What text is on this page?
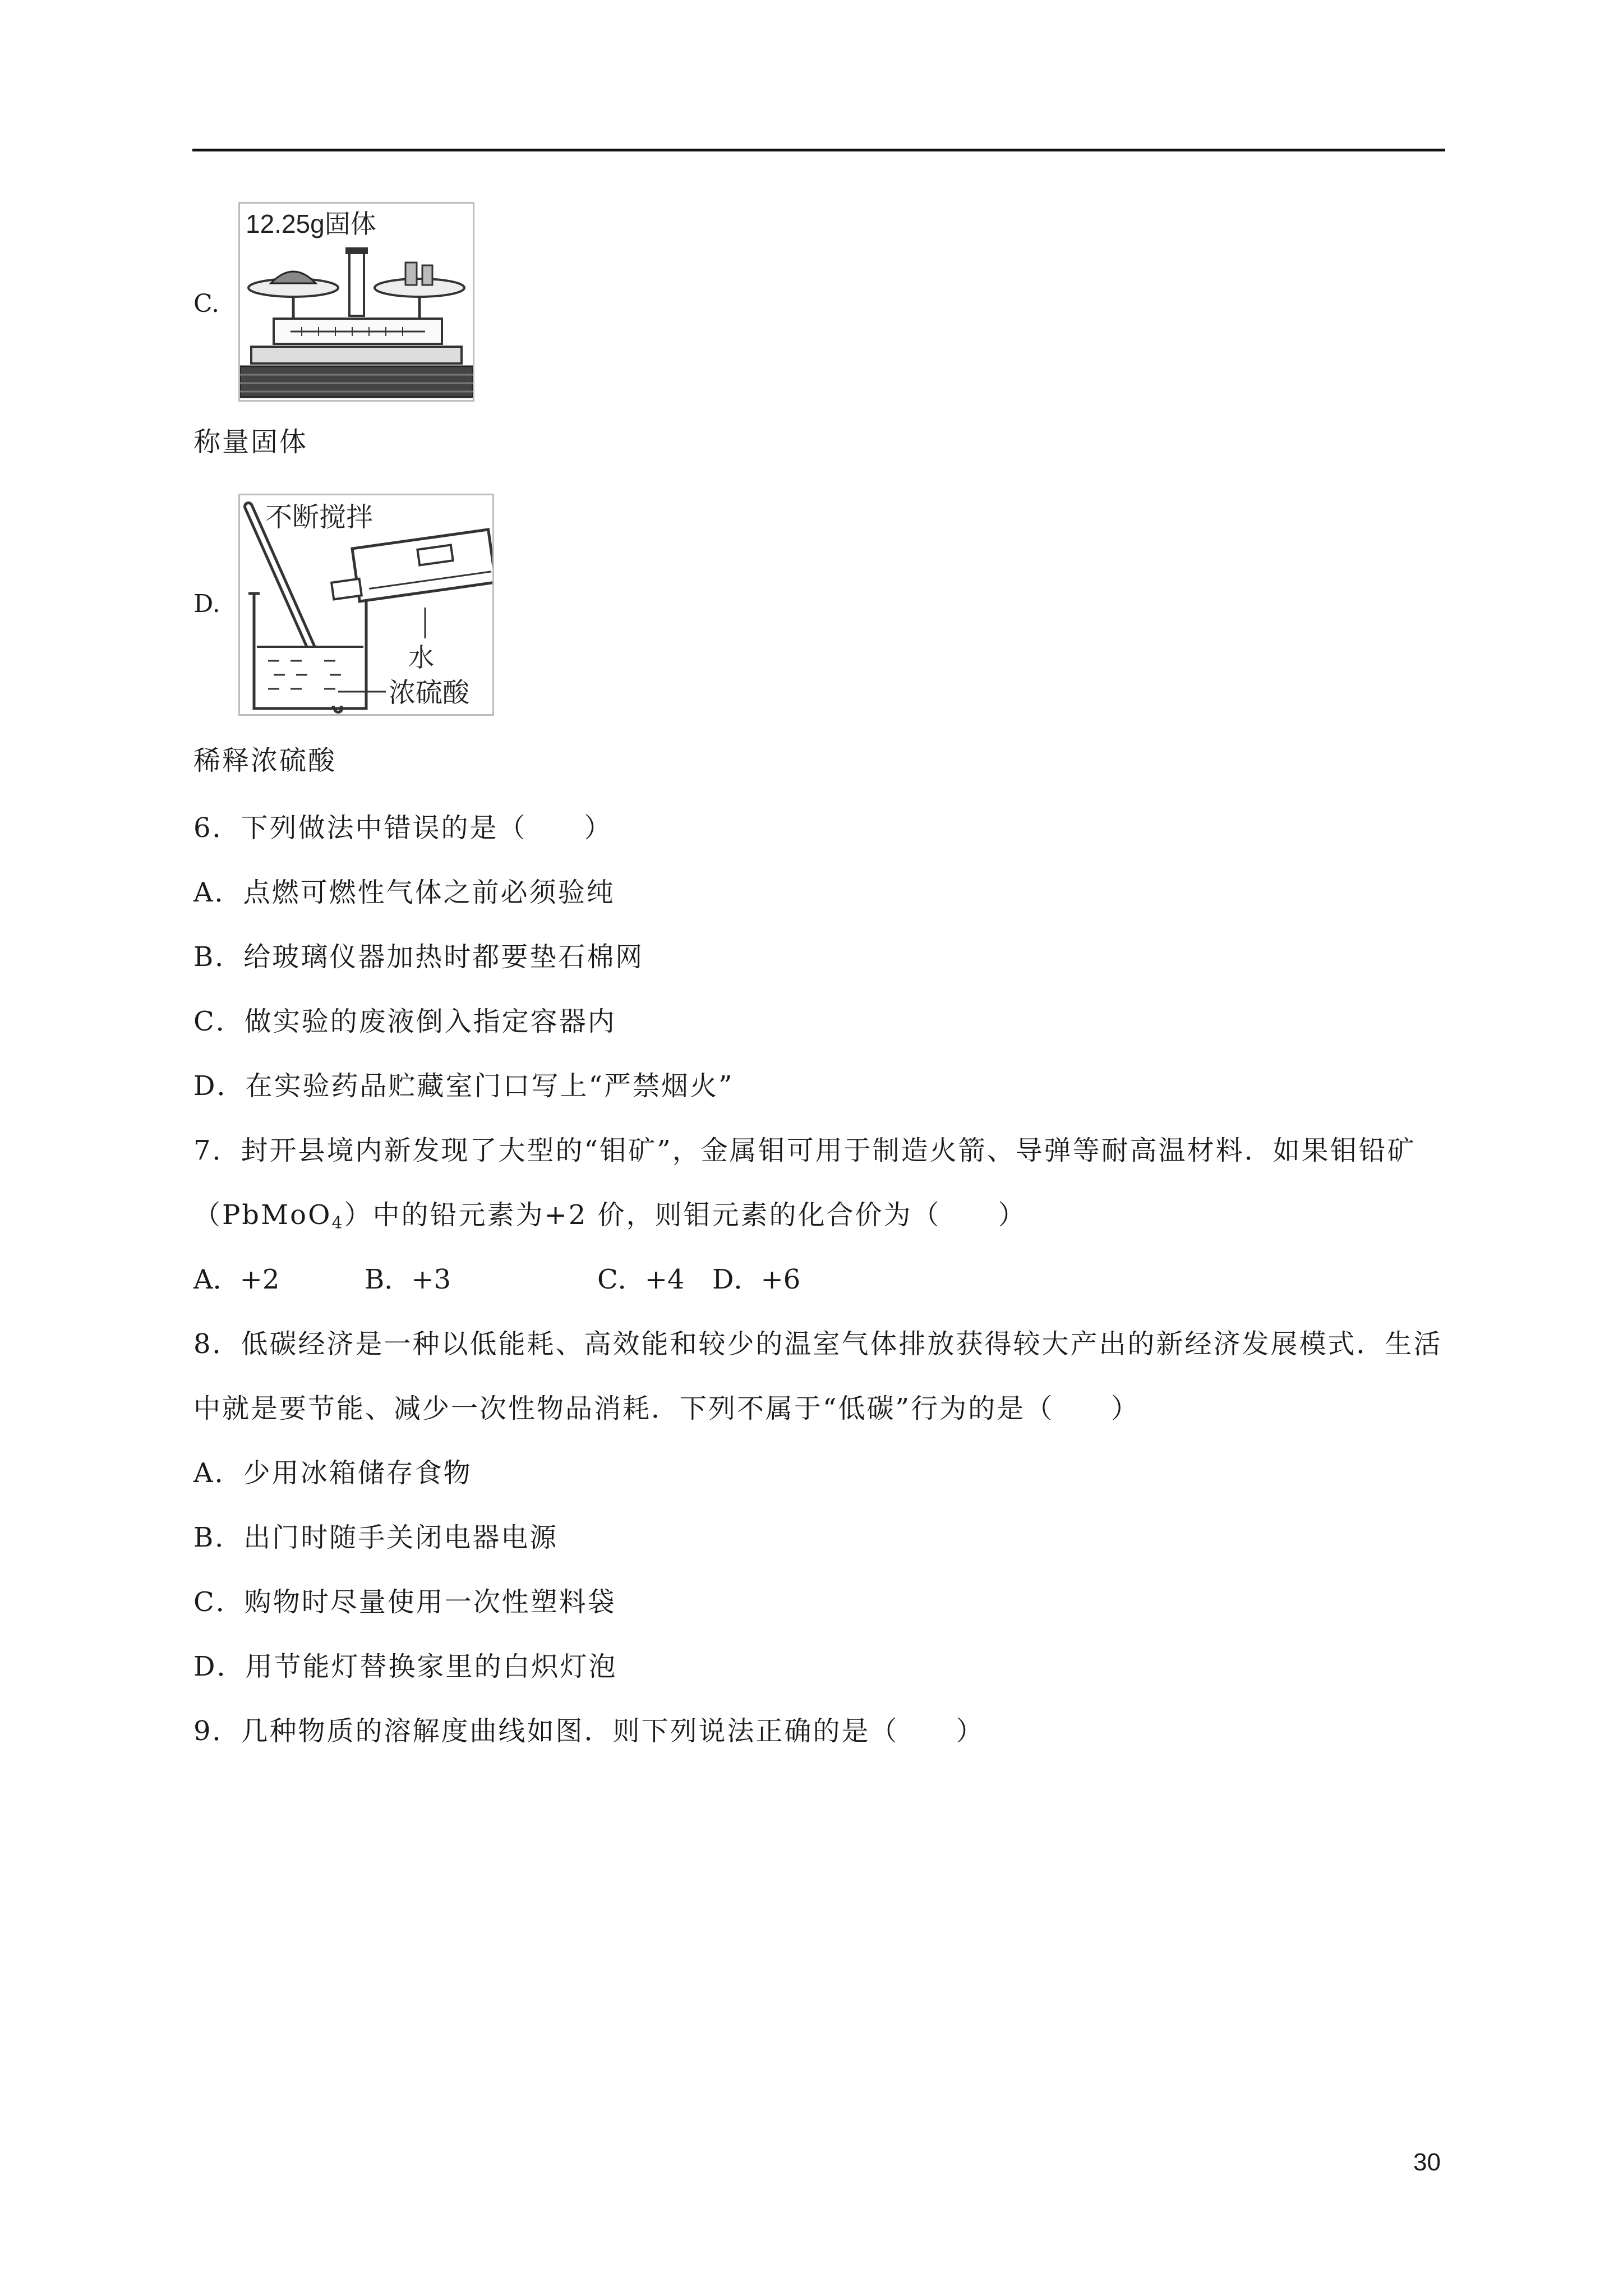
C.
12.25g固体
称量固体
D.
不断搅拌
水
浓硫酸
稀释浓硫酸
6．下列做法中错误的是（　　）
A．点燃可燃性气体之前必须验纯
B．给玻璃仪器加热时都要垫石棉网
C．做实验的废液倒入指定容器内
D．在实验药品贮藏室门口写上“严禁烟火”
7．封开县境内新发现了大型的“钼矿”，金属钼可用于制造火箭、导弹等耐高温材料．如果钼铅矿
（PbMoO$_4$）中的铅元素为+2 价，则钼元素的化合价为（　　）
A．+2	B．+3	C．+4 D．+6
8．低碳经济是一种以低能耗、高效能和较少的温室气体排放获得较大产出的新经济发展模式．生活
中就是要节能、减少一次性物品消耗．下列不属于“低碳”行为的是（　　）
A．少用冰箱储存食物
B．出门时随手关闭电器电源
C．购物时尽量使用一次性塑料袋
D．用节能灯替换家里的白炽灯泡
9．几种物质的溶解度曲线如图．则下列说法正确的是（　　）
30
